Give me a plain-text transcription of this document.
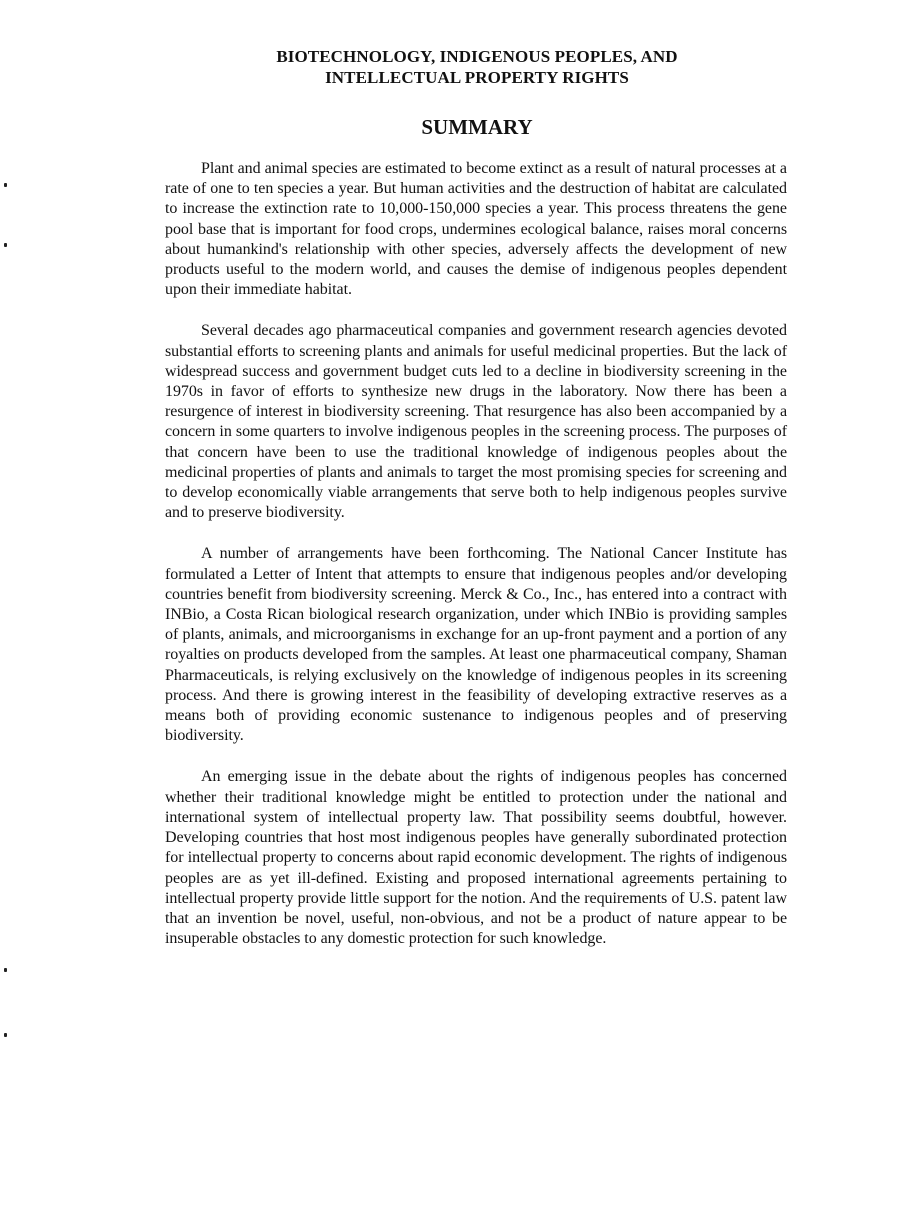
BIOTECHNOLOGY, INDIGENOUS PEOPLES, AND
INTELLECTUAL PROPERTY RIGHTS
SUMMARY

Plant and animal species are estimated to become extinct as a result of natural processes at a rate of one to ten species a year. But human activities and the destruction of habitat are calculated to increase the extinction rate to 10,000-150,000 species a year. This process threatens the gene pool base that is important for food crops, undermines ecological balance, raises moral concerns about humankind's relationship with other species, adversely affects the development of new products useful to the modern world, and causes the demise of indigenous peoples dependent upon their immediate habitat.

Several decades ago pharmaceutical companies and government research agencies devoted substantial efforts to screening plants and animals for useful medicinal properties. But the lack of widespread success and government budget cuts led to a decline in biodiversity screening in the 1970s in favor of efforts to synthesize new drugs in the laboratory. Now there has been a resurgence of interest in biodiversity screening. That resurgence has also been accompanied by a concern in some quarters to involve indigenous peoples in the screening process. The purposes of that concern have been to use the traditional knowledge of indigenous peoples about the medicinal properties of plants and animals to target the most promising species for screening and to develop economically viable arrangements that serve both to help indigenous peoples survive and to preserve biodiversity.

A number of arrangements have been forthcoming. The National Cancer Institute has formulated a Letter of Intent that attempts to ensure that indigenous peoples and/or developing countries benefit from biodiversity screening. Merck & Co., Inc., has entered into a contract with INBio, a Costa Rican biological research organization, under which INBio is providing samples of plants, animals, and microorganisms in exchange for an up-front payment and a portion of any royalties on products developed from the samples. At least one pharmaceutical company, Shaman Pharmaceuticals, is relying exclusively on the knowledge of indigenous peoples in its screening process. And there is growing interest in the feasibility of developing extractive reserves as a means both of providing economic sustenance to indigenous peoples and of preserving biodiversity.

An emerging issue in the debate about the rights of indigenous peoples has concerned whether their traditional knowledge might be entitled to protection under the national and international system of intellectual property law. That possibility seems doubtful, however. Developing countries that host most indigenous peoples have generally subordinated protection for intellectual property to concerns about rapid economic development. The rights of indigenous peoples are as yet ill-defined. Existing and proposed international agreements pertaining to intellectual property provide little support for the notion. And the requirements of U.S. patent law that an invention be novel, useful, non-obvious, and not be a product of nature appear to be insuperable obstacles to any domestic protection for such knowledge.
